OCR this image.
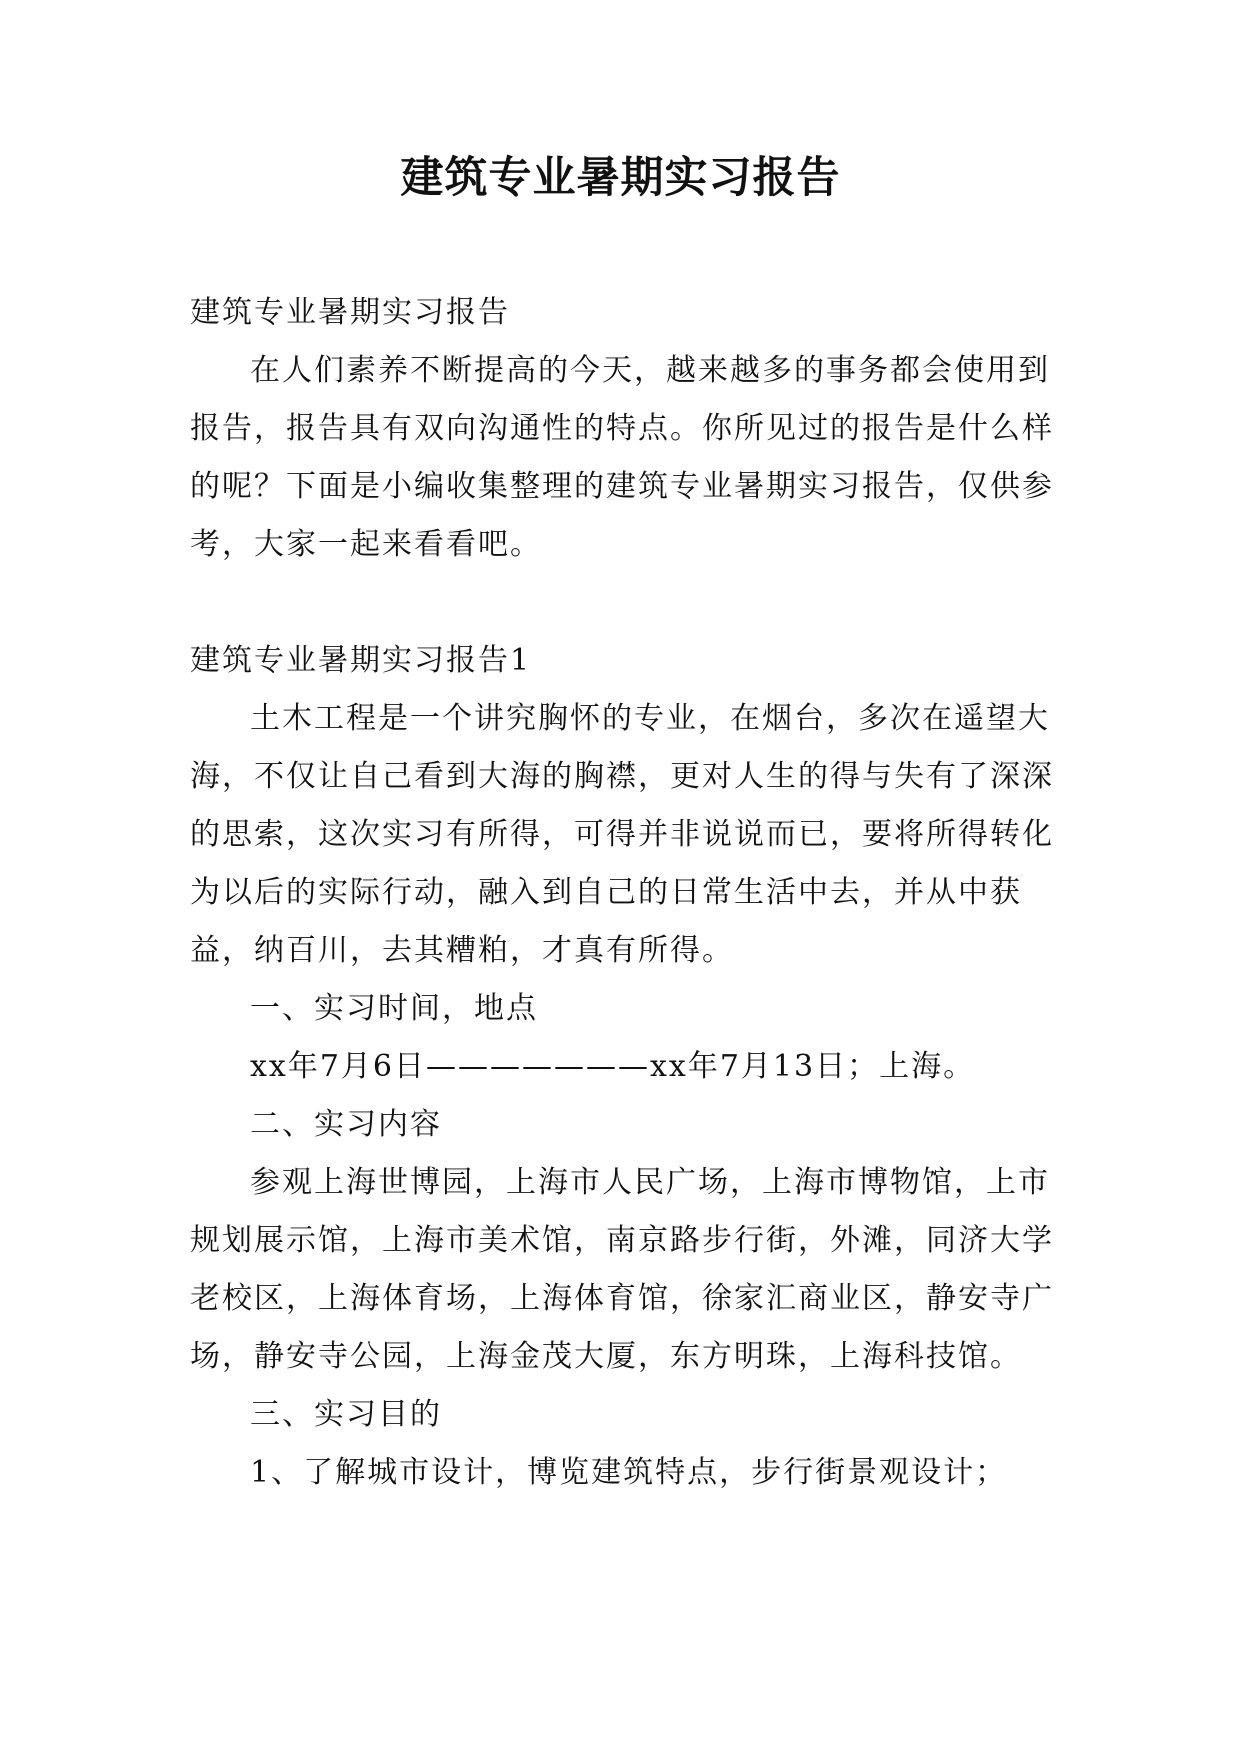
建筑专业暑期实习报告

建筑专业暑期实习报告

在人们素养不断提高的今天，越来越多的事务都会使用到报告，报告具有双向沟通性的特点。你所见过的报告是什么样的呢？下面是小编收集整理的建筑专业暑期实习报告，仅供参考，大家一起来看看吧。

建筑专业暑期实习报告1

土木工程是一个讲究胸怀的专业，在烟台，多次在遥望大海，不仅让自己看到大海的胸襟，更对人生的得与失有了深深的思索，这次实习有所得，可得并非说说而已，要将所得转化为以后的实际行动，融入到自己的日常生活中去，并从中获益，纳百川，去其糟粕，才真有所得。

一、实习时间，地点

xx年7月6日———————xx年7月13日；上海。

二、实习内容

参观上海世博园，上海市人民广场，上海市博物馆，上市规划展示馆，上海市美术馆，南京路步行街，外滩，同济大学老校区，上海体育场，上海体育馆，徐家汇商业区，静安寺广场，静安寺公园，上海金茂大厦，东方明珠，上海科技馆。

三、实习目的

1、了解城市设计，博览建筑特点，步行街景观设计；
